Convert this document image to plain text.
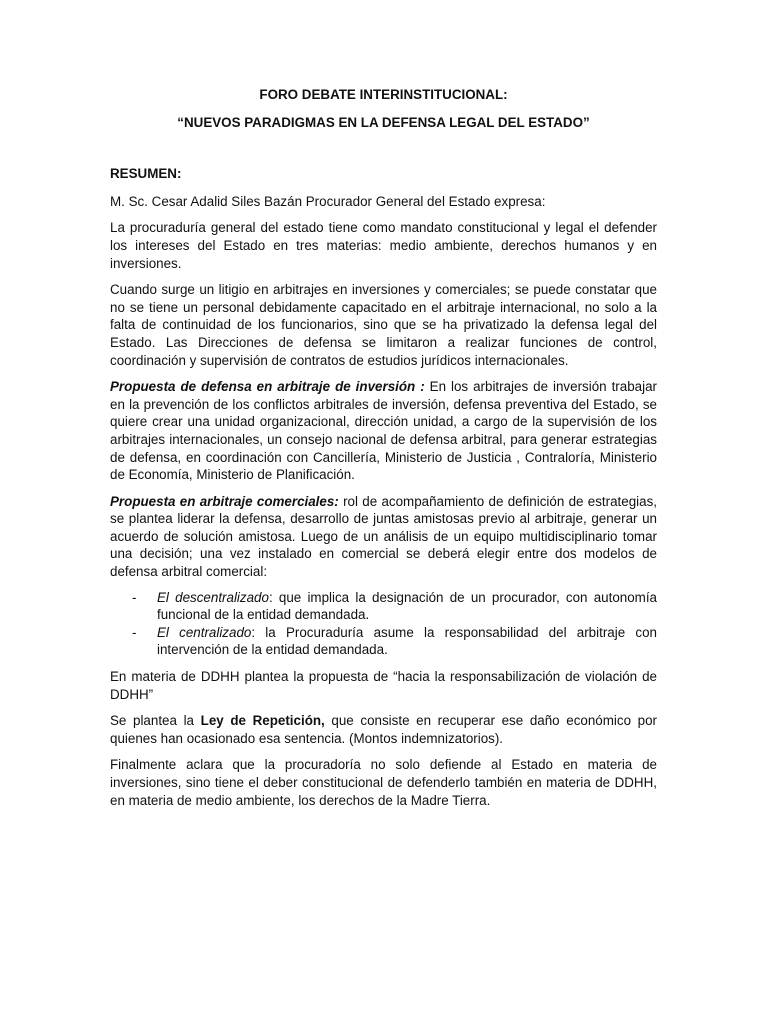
FORO DEBATE INTERINSTITUCIONAL:

“NUEVOS PARADIGMAS EN LA DEFENSA LEGAL DEL ESTADO”

RESUMEN:

M. Sc. Cesar Adalid Siles Bazán Procurador General del Estado expresa:

La procuraduría general del estado tiene como mandato constitucional y legal el defender los intereses del Estado en tres materias: medio ambiente, derechos humanos y en inversiones.

Cuando surge un litigio en arbitrajes en inversiones y comerciales; se puede constatar que no se tiene un personal debidamente capacitado en el arbitraje internacional, no solo a la falta de continuidad de los funcionarios, sino que se ha privatizado la defensa legal del Estado. Las Direcciones de defensa se limitaron a realizar funciones de control, coordinación y supervisión de contratos de estudios jurídicos internacionales.

Propuesta de defensa en arbitraje de inversión : En los arbitrajes de inversión trabajar en la prevención de los conflictos arbitrales de inversión, defensa preventiva del Estado, se quiere crear una unidad organizacional, dirección unidad, a cargo de la supervisión de los arbitrajes internacionales, un consejo nacional de defensa arbitral, para generar estrategias de defensa, en coordinación con Cancillería, Ministerio de Justicia , Contraloría, Ministerio de Economía, Ministerio de Planificación.

Propuesta en arbitraje comerciales: rol de acompañamiento de definición de estrategias, se plantea liderar la defensa, desarrollo de juntas amistosas previo al arbitraje, generar un acuerdo de solución amistosa. Luego de un análisis de un equipo multidisciplinario tomar una decisión; una vez instalado en comercial se deberá elegir entre dos modelos de defensa arbitral comercial:

- El descentralizado: que implica la designación de un procurador, con autonomía funcional de la entidad demandada.
- El centralizado: la Procuraduría asume la responsabilidad del arbitraje con intervención de la entidad demandada.

En materia de DDHH plantea la propuesta de “hacia la responsabilización de violación de DDHH”

Se plantea la Ley de Repetición, que consiste en recuperar ese daño económico por quienes han ocasionado esa sentencia. (Montos indemnizatorios).

Finalmente aclara que la procuradoría no solo defiende al Estado en materia de inversiones, sino tiene el deber constitucional de defenderlo también en materia de DDHH, en materia de medio ambiente, los derechos de la Madre Tierra.
